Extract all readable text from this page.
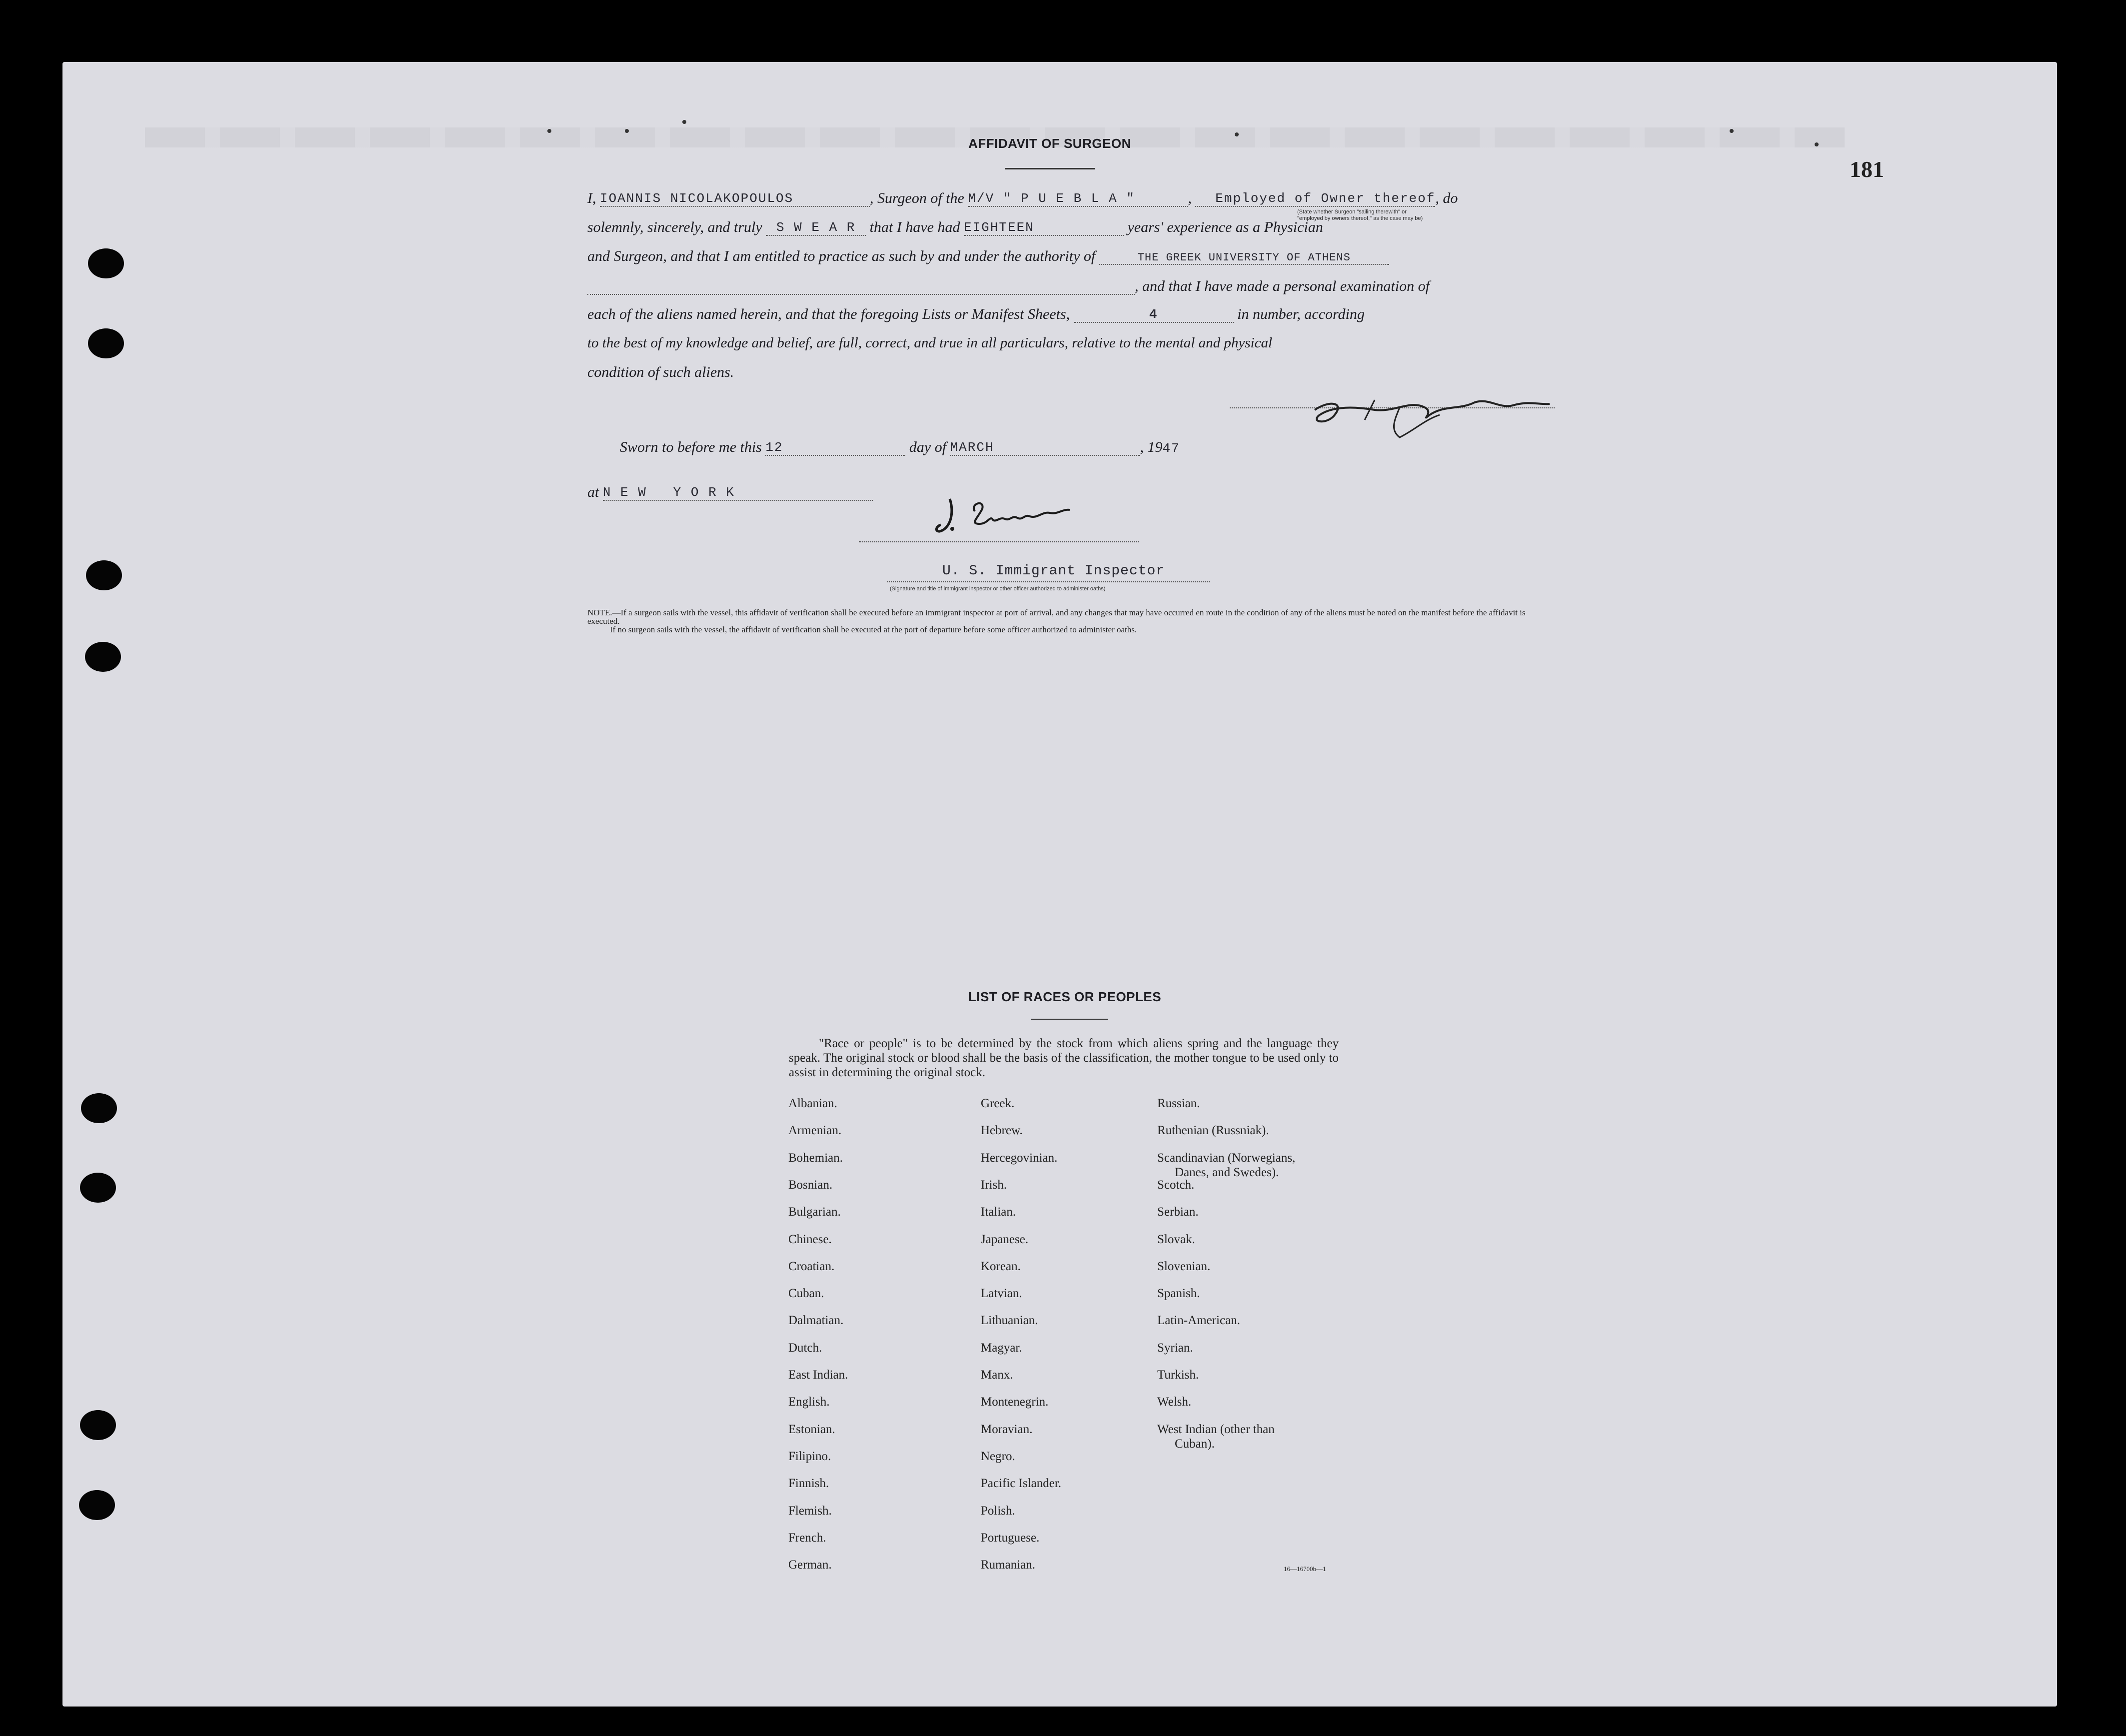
181
AFFIDAVIT OF SURGEON
I, IOANNIS NICOLAKOPOULOS	, Surgeon of the M/V " P U E B L A "	, Employed of Owner thereof, do
(State whether Surgeon "sailing therewith" or "employed by owners thereof," as the case may be)
solemnly, sincerely, and truly S W E A R that I have had EIGHTEEN	years' experience as a Physician
and Surgeon, and that I am entitled to practice as such by and under the authority of	THE GREEK UNIVERSITY OF ATHENS
, and that I have made a personal examination of
each of the aliens named herein, and that the foregoing Lists or Manifest Sheets,	4	in number, according
to the best of my knowledge and belief, are full, correct, and true in all particulars, relative to the mental and physical
condition of such aliens.
Sworn to before me this 12	day of MARCH	, 1947
at N E W   Y O R K
U. S. Immigrant Inspector
(Signature and title of immigrant inspector or other officer authorized to administer oaths)
NOTE.—If a surgeon sails with the vessel, this affidavit of verification shall be executed before an immigrant inspector at port of arrival, and any changes that may have occurred en route in the condition of any of the aliens must be noted on the manifest before the affidavit is executed.
If no surgeon sails with the vessel, the affidavit of verification shall be executed at the port of departure before some officer authorized to administer oaths.
LIST OF RACES OR PEOPLES
"Race or people" is to be determined by the stock from which aliens spring and the language they speak. The original stock or blood shall be the basis of the classification, the mother tongue to be used only to assist in determining the original stock.
Albanian.
Armenian.
Bohemian.
Bosnian.
Bulgarian.
Chinese.
Croatian.
Cuban.
Dalmatian.
Dutch.
East Indian.
English.
Estonian.
Filipino.
Finnish.
Flemish.
French.
German.
Greek.
Hebrew.
Hercegovinian.
Irish.
Italian.
Japanese.
Korean.
Latvian.
Lithuanian.
Magyar.
Manx.
Montenegrin.
Moravian.
Negro.
Pacific Islander.
Polish.
Portuguese.
Rumanian.
Russian.
Ruthenian (Russniak).
Scandinavian (Norwegians,
Danes, and Swedes).
Scotch.
Serbian.
Slovak.
Slovenian.
Spanish.
Latin-American.
Syrian.
Turkish.
Welsh.
West Indian (other than
Cuban).
16—16700b—1
